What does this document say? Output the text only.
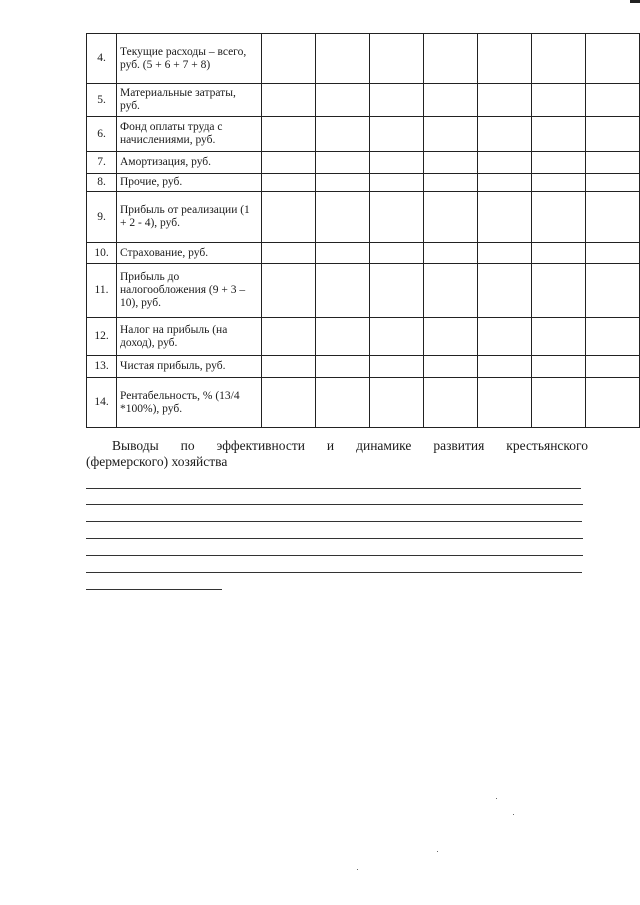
4.	Текущие расходы – всего, руб. (5 + 6 + 7 + 8)							
5.	Материальные затраты, руб.							
6.	Фонд оплаты труда с начислениями, руб.							
7.	Амортизация, руб.							
8.	Прочие, руб.							
9.	Прибыль от реализации (1 + 2 - 4), руб.							
10.	Страхование, руб.							
11.	Прибыль до налогообложения (9 + 3 – 10), руб.							
12.	Налог на прибыль (на доход), руб.							
13.	Чистая прибыль, руб.							
14.	Рентабельность, % (13/4 *100%), руб.							
Выводы по эффективности и динамике развития крестьянского
(фермерского) хозяйства
